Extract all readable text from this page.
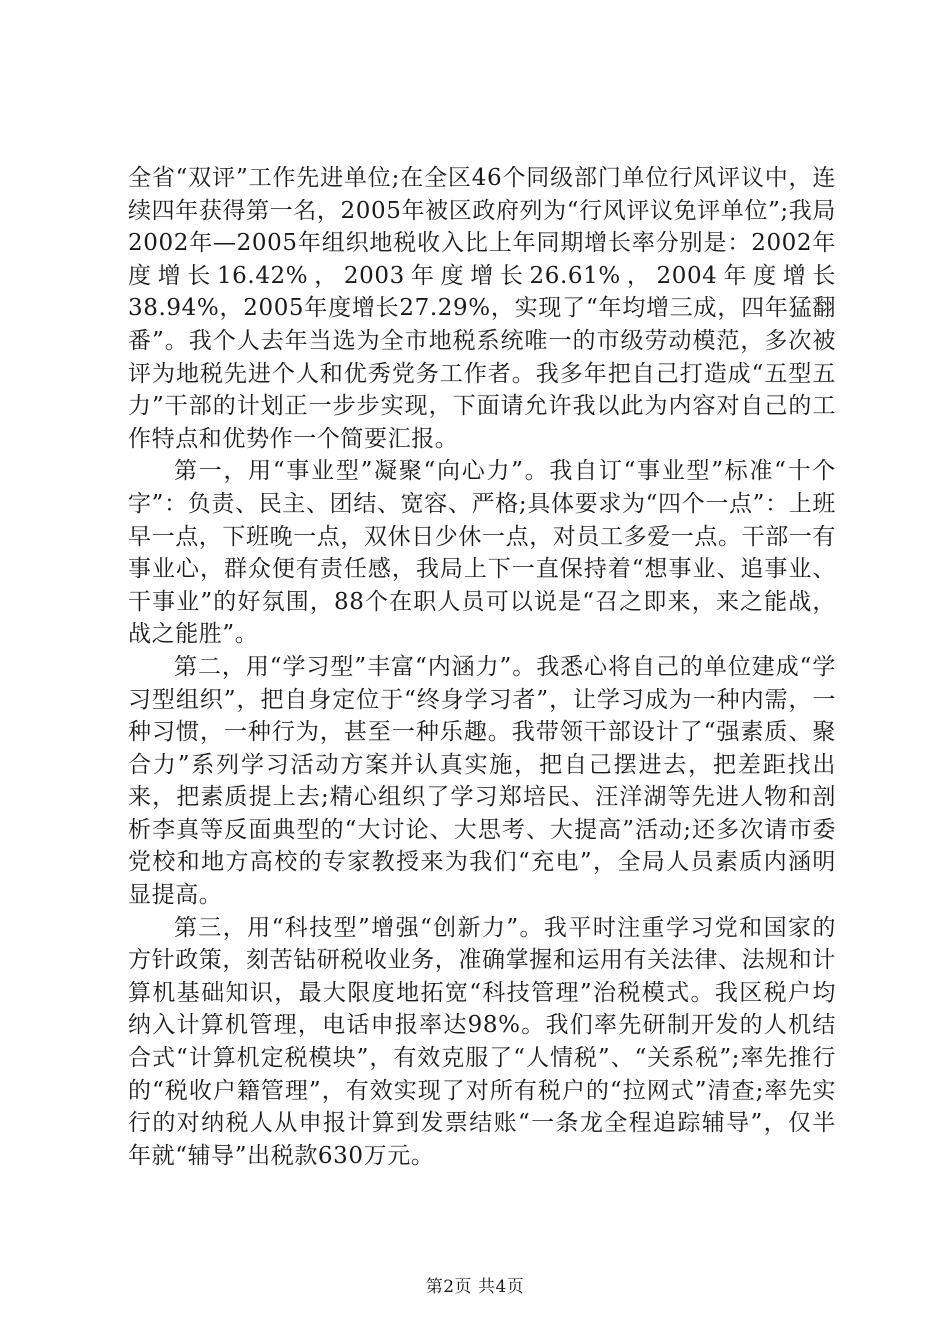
全省“双评”工作先进单位;在全区46个同级部门单位行风评议中，连续四年获得第一名，2005年被区政府列为“行风评议免评单位”;我局2002年—2005年组织地税收入比上年同期增长率分别是：2002年度增长16.42%，2003年度增长26.61%，2004年度增长38.94%，2005年度增长27.29%，实现了“年均增三成，四年猛翻番”。我个人去年当选为全市地税系统唯一的市级劳动模范，多次被评为地税先进个人和优秀党务工作者。我多年把自己打造成“五型五力”干部的计划正一步步实现，下面请允许我以此为内容对自己的工作特点和优势作一个简要汇报。

第一，用“事业型”凝聚“向心力”。我自订“事业型”标准“十个字”：负责、民主、团结、宽容、严格;具体要求为“四个一点”：上班早一点，下班晚一点，双休日少休一点，对员工多爱一点。干部一有事业心，群众便有责任感，我局上下一直保持着“想事业、追事业、干事业”的好氛围，88个在职人员可以说是“召之即来，来之能战，战之能胜”。

第二，用“学习型”丰富“内涵力”。我悉心将自己的单位建成“学习型组织”，把自身定位于“终身学习者”，让学习成为一种内需，一种习惯，一种行为，甚至一种乐趣。我带领干部设计了“强素质、聚合力”系列学习活动方案并认真实施，把自己摆进去，把差距找出来，把素质提上去;精心组织了学习郑培民、汪洋湖等先进人物和剖析李真等反面典型的“大讨论、大思考、大提高”活动;还多次请市委党校和地方高校的专家教授来为我们“充电”，全局人员素质内涵明显提高。

第三，用“科技型”增强“创新力”。我平时注重学习党和国家的方针政策，刻苦钻研税收业务，准确掌握和运用有关法律、法规和计算机基础知识，最大限度地拓宽“科技管理”治税模式。我区税户均纳入计算机管理，电话申报率达98%。我们率先研制开发的人机结合式“计算机定税模块”，有效克服了“人情税”、“关系税”;率先推行的“税收户籍管理”，有效实现了对所有税户的“拉网式”清查;率先实行的对纳税人从申报计算到发票结账“一条龙全程追踪辅导”，仅半年就“辅导”出税款630万元。

第2页 共4页
